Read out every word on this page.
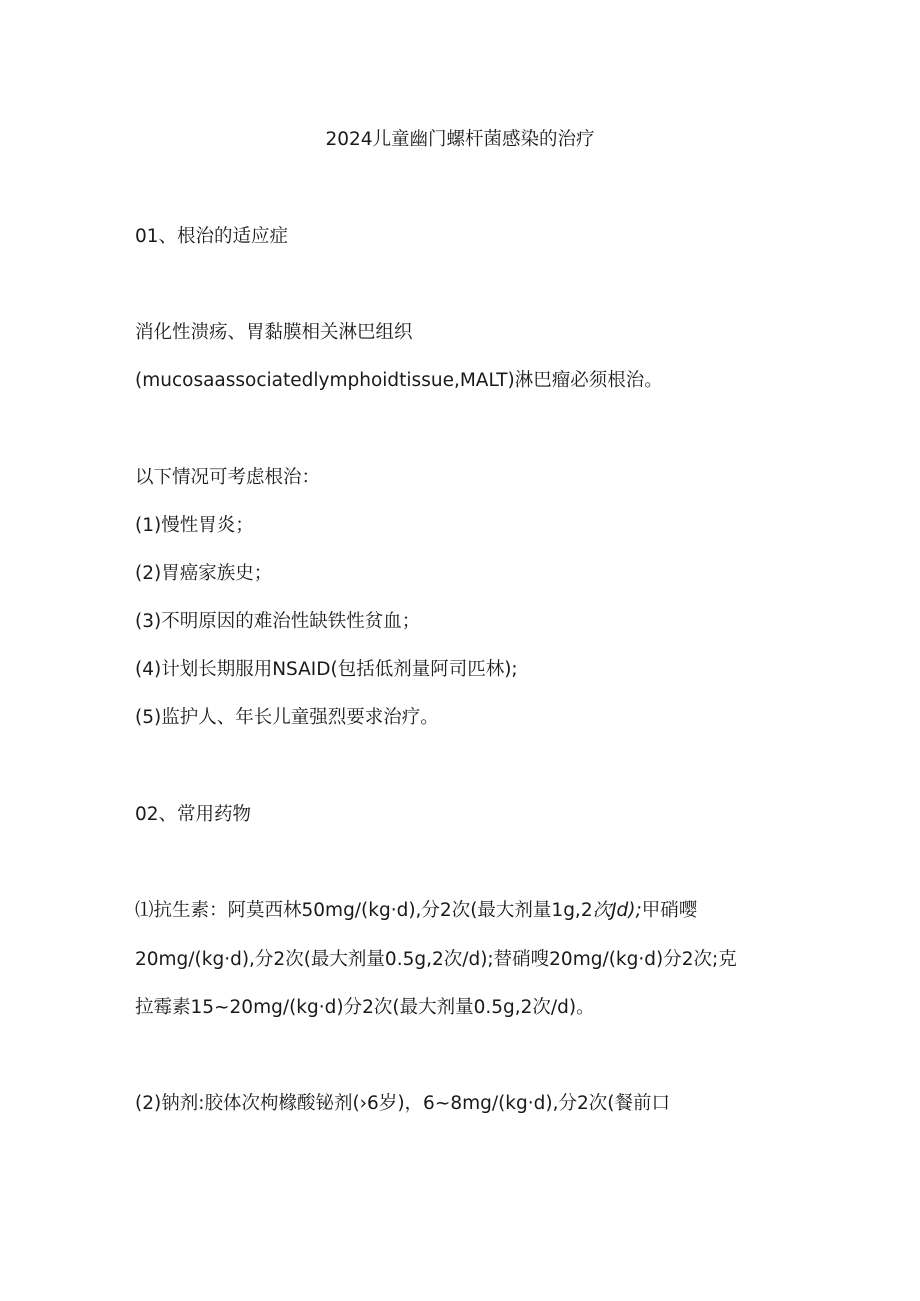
2024儿童幽门螺杆菌感染的治疗
01、根治的适应症
消化性溃疡、胃黏膜相关淋巴组织
(mucosaassociatedlymphoidtissue,MALT)淋巴瘤必须根治。
以下情况可考虑根治：
(1)慢性胃炎；
(2)胃癌家族史；
(3)不明原因的难治性缺铁性贫血；
(4)计划长期服用NSAID(包括低剂量阿司匹林);
(5)监护人、年长儿童强烈要求治疗。
02、常用药物
⑴抗生素：阿莫西林50mg∕(kg·d),分2次(最大剂量1g,2次Jd);甲硝嘤
20mg∕(kg·d),分2次(最大剂量0.5g,2次∕d);替硝嗖20mg∕(kg·d)分2次;克
拉霉素15~20mg∕(kg·d)分2次(最大剂量0.5g,2次/d)。
(2)钠剂:胶体次枸橼酸铋剂(›6岁)，6~8mg∕(kg·d),分2次(餐前口
